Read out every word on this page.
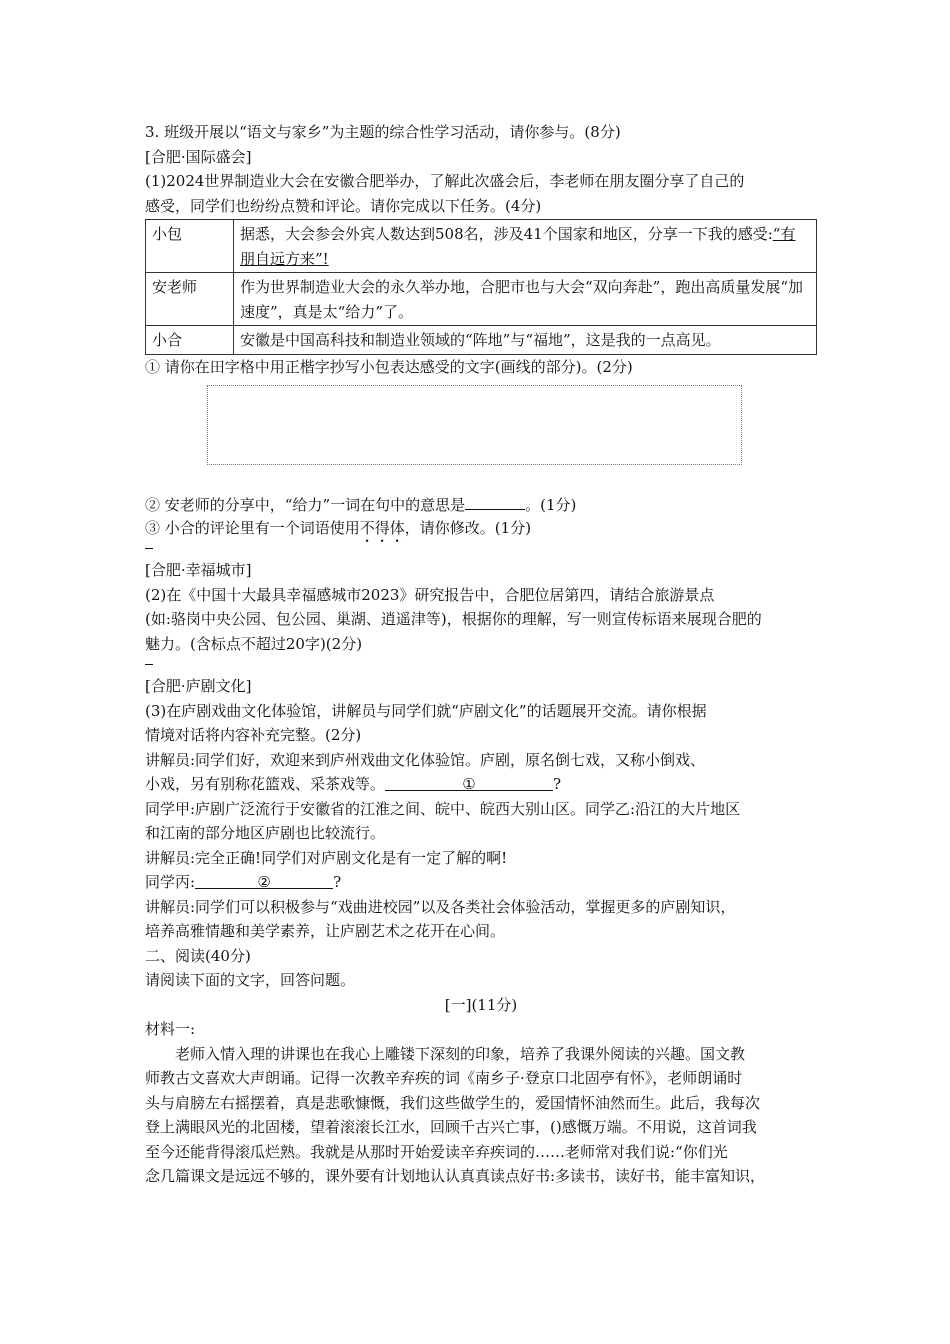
3. 班级开展以“语文与家乡”为主题的综合性学习活动，请你参与。(8分)
[合肥·国际盛会]
(1)2024世界制造业大会在安徽合肥举办，了解此次盛会后，李老师在朋友圈分享了自己的
感受，同学们也纷纷点赞和评论。请你完成以下任务。(4分)
小包	据悉，大会参会外宾人数达到508名，涉及41个国家和地区，分享一下我的感受:“有朋自远方来”!
安老师	作为世界制造业大会的永久举办地，合肥市也与大会“双向奔赴”，跑出高质量发展“加速度”，真是太“给力”了。
小合	安徽是中国高科技和制造业领域的“阵地”与“福地”，这是我的一点高见。
① 请你在田字格中用正楷字抄写小包表达感受的文字(画线的部分)。(2分)
② 安老师的分享中，“给力”一词在句中的意思是	。(1分)
③ 小合的评论里有一个词语使用不得体，请你修改。(1分)
[合肥·幸福城市]
(2)在《中国十大最具幸福感城市2023》研究报告中，合肥位居第四，请结合旅游景点
(如:骆岗中央公园、包公园、巢湖、逍遥津等)，根据你的理解，写一则宣传标语来展现合肥的
魅力。(含标点不超过20字)(2分)
[合肥·庐剧文化]
(3)在庐剧戏曲文化体验馆，讲解员与同学们就“庐剧文化”的话题展开交流。请你根据
情境对话将内容补充完整。(2分)
讲解员:同学们好，欢迎来到庐州戏曲文化体验馆。庐剧，原名倒七戏，又称小倒戏、
小戏，另有别称花篮戏、采茶戏等。	①	?
同学甲:庐剧广泛流行于安徽省的江淮之间、皖中、皖西大别山区。同学乙:沿江的大片地区
和江南的部分地区庐剧也比较流行。
讲解员:完全正确!同学们对庐剧文化是有一定了解的啊!
同学丙:	②	?
讲解员:同学们可以积极参与“戏曲进校园”以及各类社会体验活动，掌握更多的庐剧知识，
培养高雅情趣和美学素养，让庐剧艺术之花开在心间。
二、阅读(40分)
请阅读下面的文字，回答问题。
[一](11分)
材料一:
老师入情入理的讲课也在我心上雕镂下深刻的印象，培养了我课外阅读的兴趣。国文教
师教古文喜欢大声朗诵。记得一次教辛弃疾的词《南乡子·登京口北固亭有怀》，老师朗诵时
头与肩膀左右摇摆着，真是悲歌慷慨，我们这些做学生的，爱国情怀油然而生。此后，我每次
登上满眼风光的北固楼，望着滚滚长江水，回顾千古兴亡事，()感慨万端。不用说，这首词我
至今还能背得滚瓜烂熟。我就是从那时开始爱读辛弃疾词的……老师常对我们说:“你们光
念几篇课文是远远不够的，课外要有计划地认认真真读点好书:多读书，读好书，能丰富知识，
